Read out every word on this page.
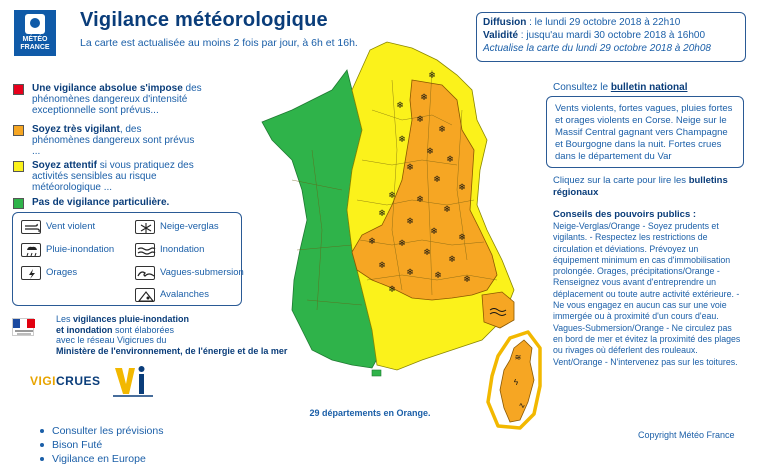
MÉTÉO
FRANCE
Vigilance météorologique
La carte est actualisée au moins 2 fois par jour, à 6h et 16h.
Diffusion : le lundi 29 octobre 2018 à 22h10
Validité : jusqu'au mardi 30 octobre 2018 à 16h00
Actualise la carte du lundi 29 octobre 2018 à 20h08
Une vigilance absolue s'impose des phénomènes dangereux d'intensité exceptionnelle sont prévus...
Soyez très vigilant, des phénomènes dangereux sont prévus ...
Soyez attentif si vous pratiquez des activités sensibles au risque météorologique ...
Pas de vigilance particulière.
Vent violent	Neige-verglas
Pluie-inondation	Inondation
Orages	Vagues-submersion
Avalanches
Les vigilances pluie-inondation
et inondation sont élaborées
avec le réseau Vigicrues du
Ministère de l'environnement, de l'énergie et de la mer
VIGICRUES
Consulter les prévisions
Bison Futé
Vigilance en Europe
❄
❄
❄
❄
❄
❄
❄
❄
❄
❄
❄
❄ ❄
❄
❄
❄
❄
❄
❄ ❄
❄
❄
❄
❄ ❄ ❄
❄
≋
ϟ
∿
29 départements en Orange.
Consultez le bulletin national
Vents violents, fortes vagues, pluies fortes et orages violents en Corse. Neige sur le Massif Central gagnant vers Champagne et Bourgogne dans la nuit. Fortes crues dans le département du Var
Cliquez sur la carte pour lire les bulletins régionaux
Conseils des pouvoirs publics :
Neige-Verglas/Orange - Soyez prudents et vigilants. - Respectez les restrictions de circulation et déviations. Prévoyez un équipement minimum en cas d'immobilisation prolongée. Orages, précipitations/Orange - Renseignez vous avant d'entreprendre un déplacement ou toute autre activité extérieure. - Ne vous engagez en aucun cas sur une voie immergée ou à proximité d'un cours d'eau. Vagues-Submersion/Orange - Ne circulez pas en bord de mer et évitez la proximité des plages ou rivages où déferlent des rouleaux. Vent/Orange - N'intervenez pas sur les toitures.
Copyright Météo France
